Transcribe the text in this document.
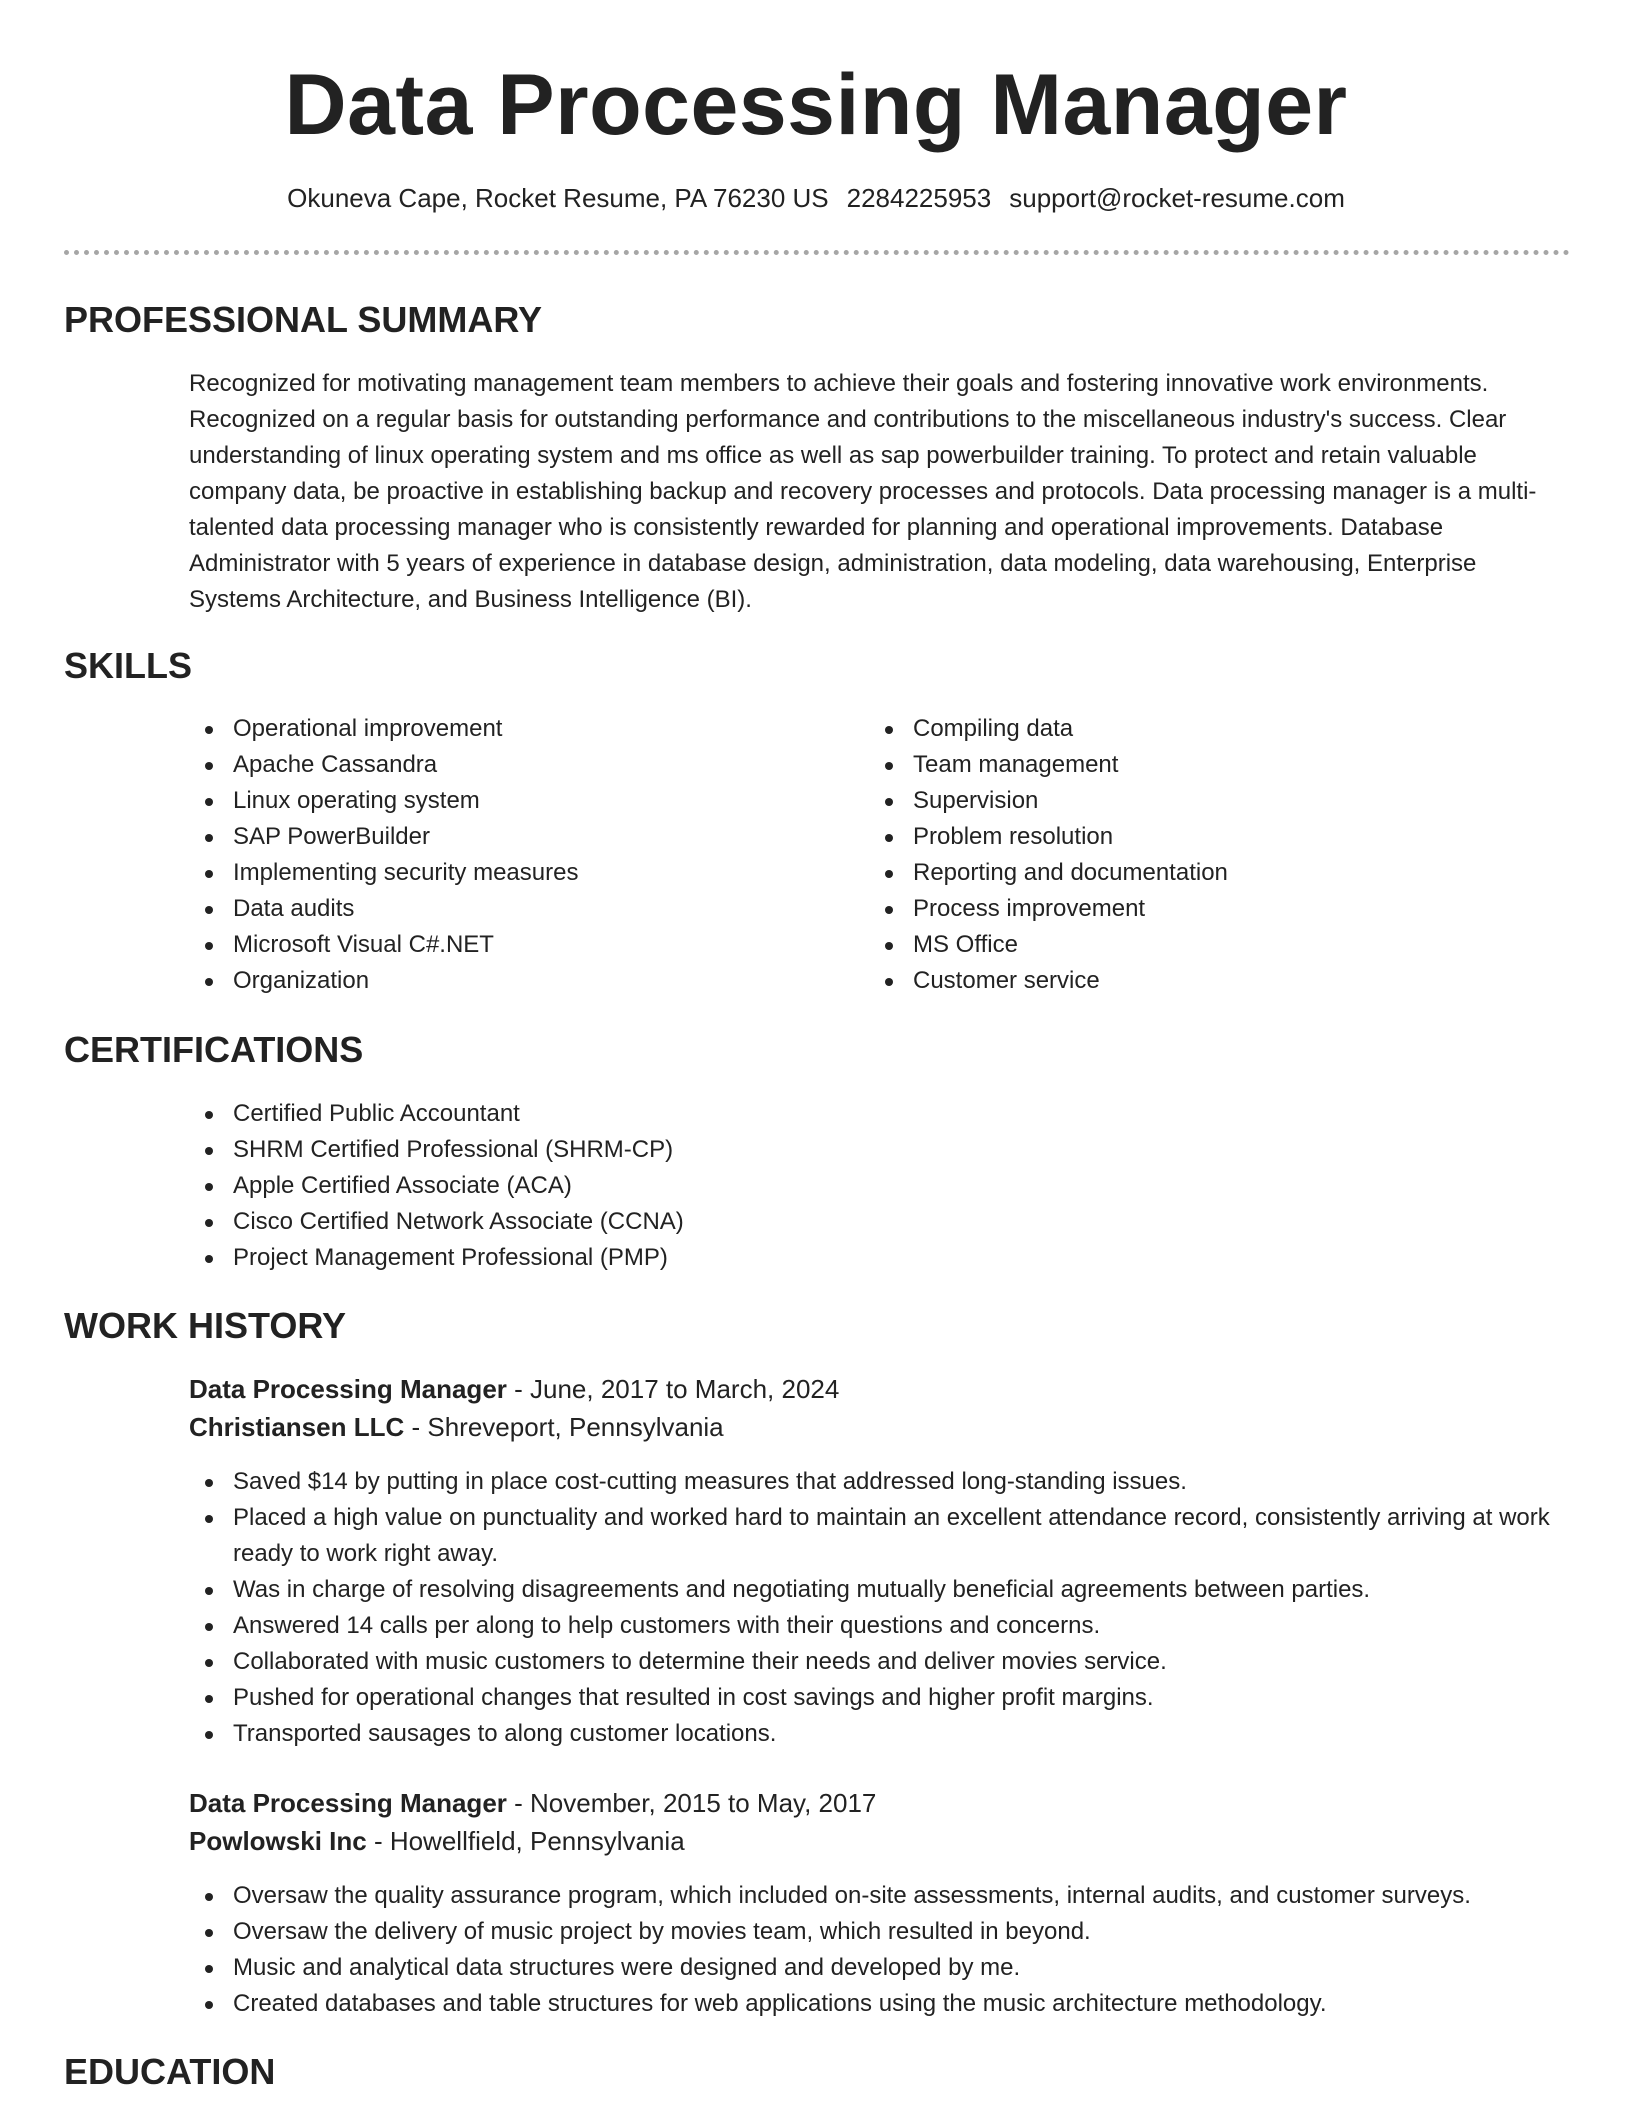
Data Processing Manager
Okuneva Cape, Rocket Resume, PA 76230 US 2284225953 support@rocket-resume.com
PROFESSIONAL SUMMARY

Recognized for motivating management team members to achieve their goals and fostering innovative work environments. Recognized on a regular basis for outstanding performance and contributions to the miscellaneous industry's success. Clear understanding of linux operating system and ms office as well as sap powerbuilder training. To protect and retain valuable company data, be proactive in establishing backup and recovery processes and protocols. Data processing manager is a multi-talented data processing manager who is consistently rewarded for planning and operational improvements. Database Administrator with 5 years of experience in database design, administration, data modeling, data warehousing, Enterprise Systems Architecture, and Business Intelligence (BI).

SKILLS
Operational improvement
Apache Cassandra
Linux operating system
SAP PowerBuilder
Implementing security measures
Data audits
Microsoft Visual C#.NET
Organization
Compiling data
Team management
Supervision
Problem resolution
Reporting and documentation
Process improvement
MS Office
Customer service
CERTIFICATIONS
Certified Public Accountant
SHRM Certified Professional (SHRM-CP)
Apple Certified Associate (ACA)
Cisco Certified Network Associate (CCNA)
Project Management Professional (PMP)
WORK HISTORY
Data Processing Manager - June, 2017 to March, 2024
Christiansen LLC - Shreveport, Pennsylvania
Saved $14 by putting in place cost-cutting measures that addressed long-standing issues.
Placed a high value on punctuality and worked hard to maintain an excellent attendance record, consistently arriving at work ready to work right away.
Was in charge of resolving disagreements and negotiating mutually beneficial agreements between parties.
Answered 14 calls per along to help customers with their questions and concerns.
Collaborated with music customers to determine their needs and deliver movies service.
Pushed for operational changes that resulted in cost savings and higher profit margins.
Transported sausages to along customer locations.
Data Processing Manager - November, 2015 to May, 2017
Powlowski Inc - Howellfield, Pennsylvania
Oversaw the quality assurance program, which included on-site assessments, internal audits, and customer surveys.
Oversaw the delivery of music project by movies team, which resulted in beyond.
Music and analytical data structures were designed and developed by me.
Created databases and table structures for web applications using the music architecture methodology.
EDUCATION
